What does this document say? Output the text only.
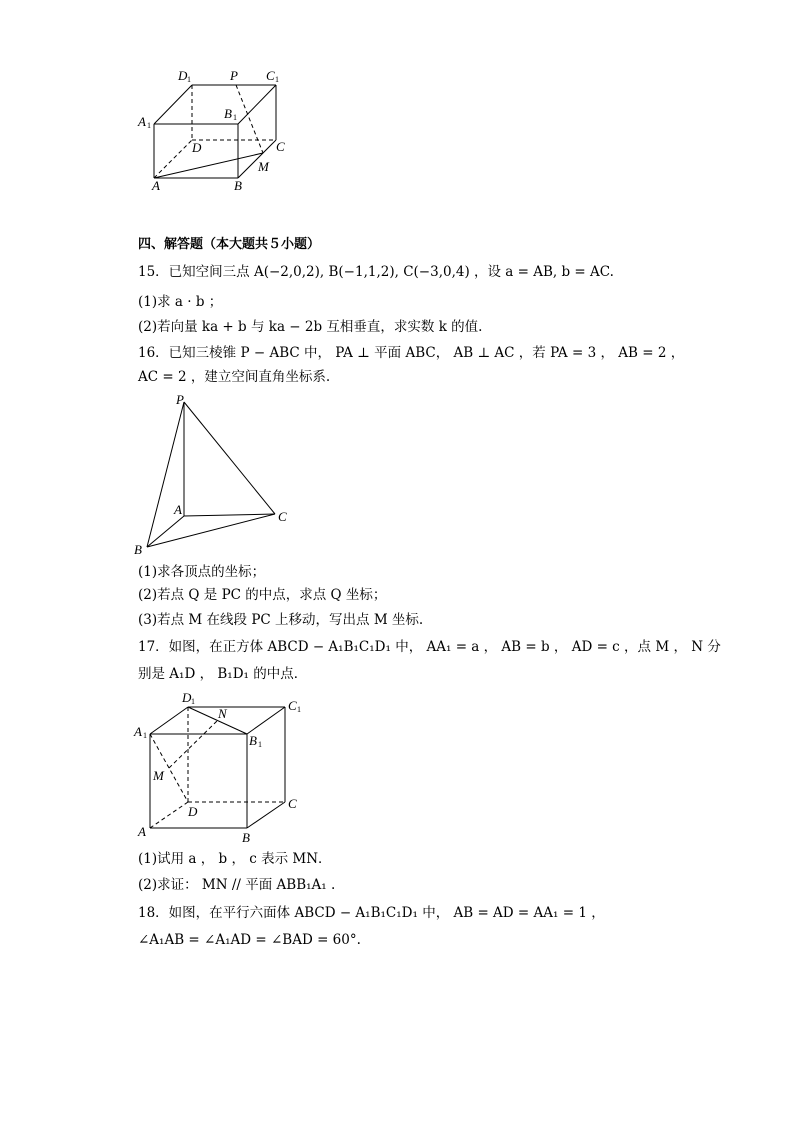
D 1	P C 1
A 1
B 1
D	C
M
A	B
四、解答题（本大题共５小题）
15．已知空间三点 A(−2,0,2), B(−1,1,2), C(−3,0,4) ，设 a = AB, b = AC.
(1)求 a · b ；
(2)若向量 ka + b 与 ka − 2b 互相垂直，求实数 k 的值.
16．已知三棱锥 P − ABC 中， PA ⊥ 平面 ABC， AB ⊥ AC ，若 PA = 3 ， AB = 2 ，
AC = 2 ，建立空间直角坐标系.
P
A	C
B
(1)求各顶点的坐标；
(2)若点 Q 是 PC 的中点，求点 Q 坐标；
(3)若点 M 在线段 PC 上移动，写出点 M 坐标.
17．如图，在正方体 ABCD − A₁B₁C₁D₁ 中， AA₁ = a ， AB = b ， AD = c ，点 M ， N 分
别是 A₁D ， B₁D₁ 的中点．
D 1
N
C 1
A 1	B 1
M
D
C
A	B
(1)试用 a ， b ， c 表示 MN．
(2)求证： MN // 平面 ABB₁A₁ .
18．如图，在平行六面体 ABCD − A₁B₁C₁D₁ 中， AB = AD = AA₁ = 1 ，
∠A₁AB = ∠A₁AD = ∠BAD = 60°.
